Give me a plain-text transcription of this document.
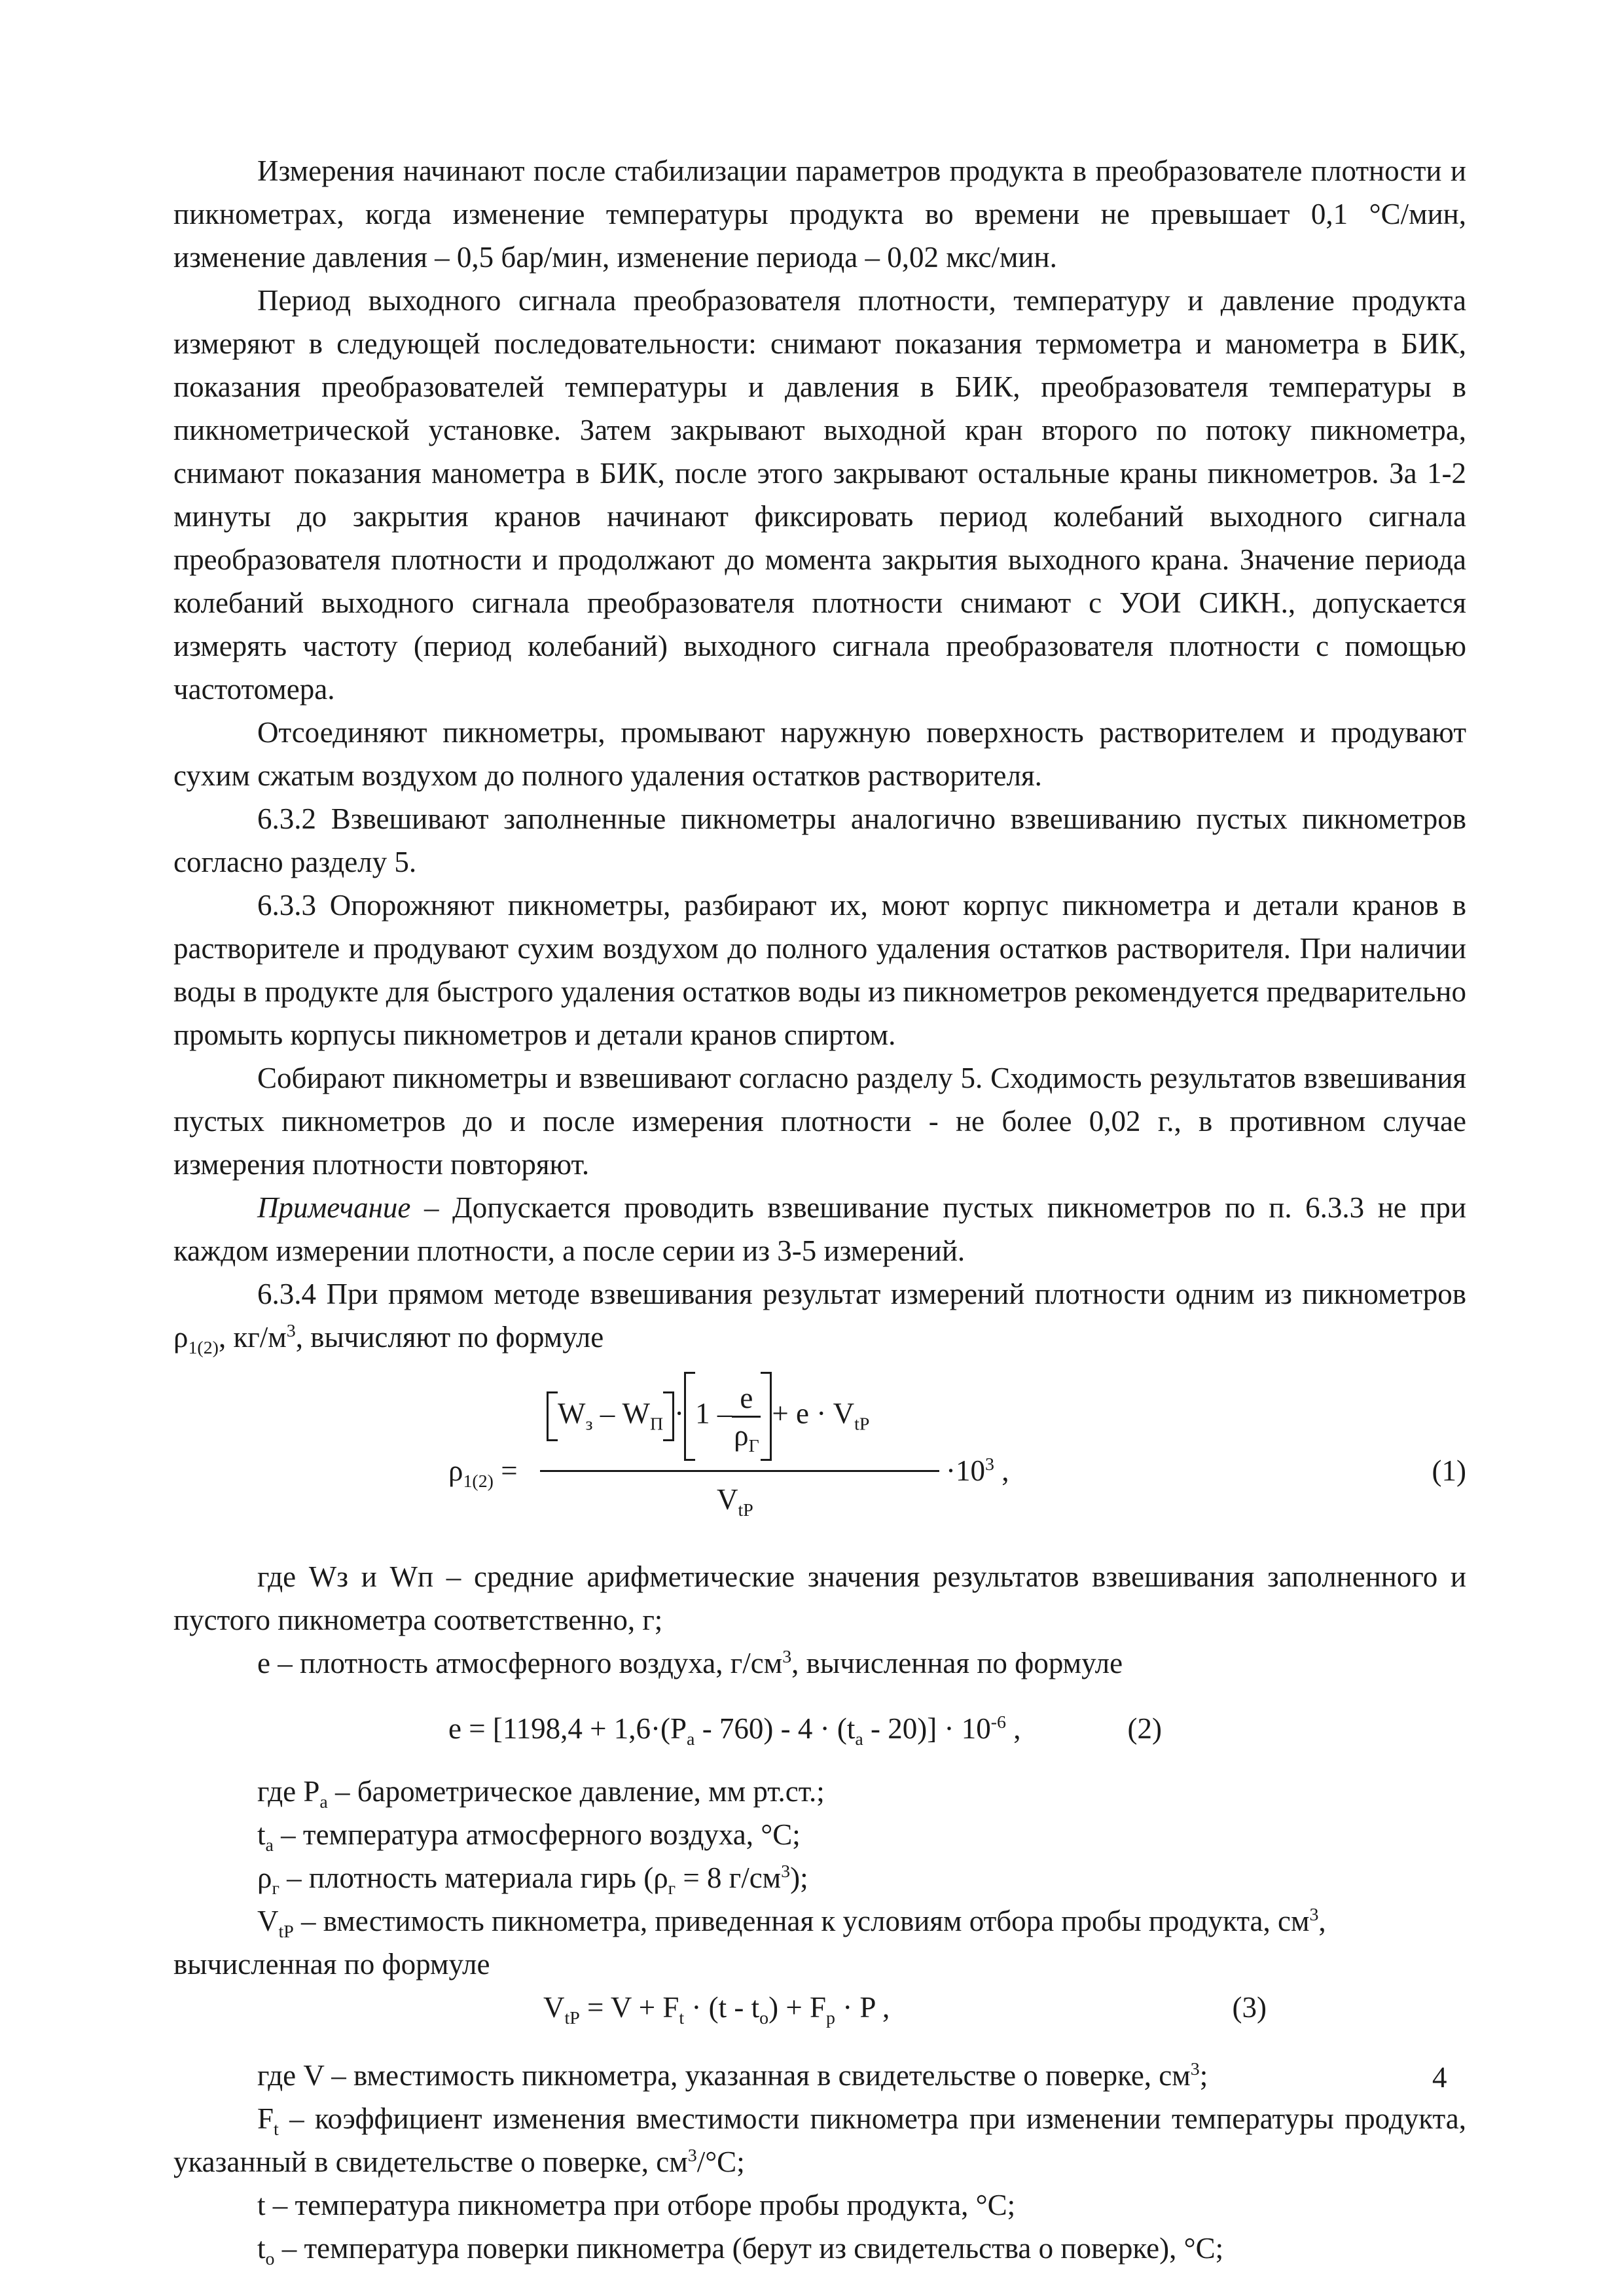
Измерения начинают после стабилизации параметров продукта в преобразователе плотности и пикнометрах, когда изменение температуры продукта во времени не превышает 0,1 °С/мин, изменение давления – 0,5 бар/мин, изменение периода – 0,02 мкс/мин.

Период выходного сигнала преобразователя плотности, температуру и давление продукта измеряют в следующей последовательности: снимают показания термометра и манометра в БИК, показания преобразователей температуры и давления в БИК, преобразователя температуры в пикнометрической установке. Затем закрывают выходной кран второго по потоку пикнометра, снимают показания манометра в БИК, после этого закрывают остальные краны пикнометров. За 1-2 минуты до закрытия кранов начинают фиксировать период колебаний выходного сигнала преобразователя плотности и продолжают до момента закрытия выходного крана. Значение периода колебаний выходного сигнала преобразователя плотности снимают с УОИ СИКН., допускается измерять частоту (период колебаний) выходного сигнала преобразователя плотности с помощью частотомера.

Отсоединяют пикнометры, промывают наружную поверхность растворителем и продувают сухим сжатым воздухом до полного удаления остатков растворителя.

6.3.2 Взвешивают заполненные пикнометры аналогично взвешиванию пустых пикнометров согласно разделу 5.

6.3.3 Опорожняют пикнометры, разбирают их, моют корпус пикнометра и детали кранов в растворителе и продувают сухим воздухом до полного удаления остатков растворителя. При наличии воды в продукте для быстрого удаления остатков воды из пикнометров рекомендуется предварительно промыть корпусы пикнометров и детали кранов спиртом.

Собирают пикнометры и взвешивают согласно разделу 5. Сходимость результатов взвешивания пустых пикнометров до и после измерения плотности - не более 0,02 г., в противном случае измерения плотности повторяют.

Примечание – Допускается проводить взвешивание пустых пикнометров по п. 6.3.3 не при каждом измерении плотности, а после серии из 3-5 измерений.

6.3.4 При прямом методе взвешивания результат измерений плотности одним из пикнометров $\rho_{1(2)}$, $кг/м^3$, вычисляют по формуле

$\rho_{1(2)}$ =
$W_з - W_П \cdot 1 - e$
$\rho_Г$
+ $e \cdot V_{tP}$
$V_{tP}$
$\cdot 10^3$ ,	(1)

где Wз и Wп – средние арифметические значения результатов взвешивания заполненного и пустого пикнометра соответственно, г;

e – плотность атмосферного воздуха, $г/см^3$, вычисленная по формуле

$e = [1198,4 + 1,6\cdot(P_a - 760) - 4 \cdot (t_a - 20)] \cdot 10^{-6}$ ,	(2)

где $P_a$ – барометрическое давление, мм рт.ст.;

$t_a$ – температура атмосферного воздуха, °С;

$\rho_г$ – плотность материала гирь ($\rho_г = 8$ $г/см^3$);

$V_{tP}$ – вместимость пикнометра, приведенная к условиям отбора пробы продукта, $см^3$,

вычисленная по формуле

$V_{tP} = V + F_t \cdot (t - t_o) + F_p \cdot P$ ,	(3)

где V – вместимость пикнометра, указанная в свидетельстве о поверке, $см^3$;

$F_t$ – коэффициент изменения вместимости пикнометра при изменении температуры продукта, указанный в свидетельстве о поверке, $см^3/^\circ С$;

t – температура пикнометра при отборе пробы продукта, °С;

$t_o$ – температура поверки пикнометра (берут из свидетельства о поверке), °С;

4
